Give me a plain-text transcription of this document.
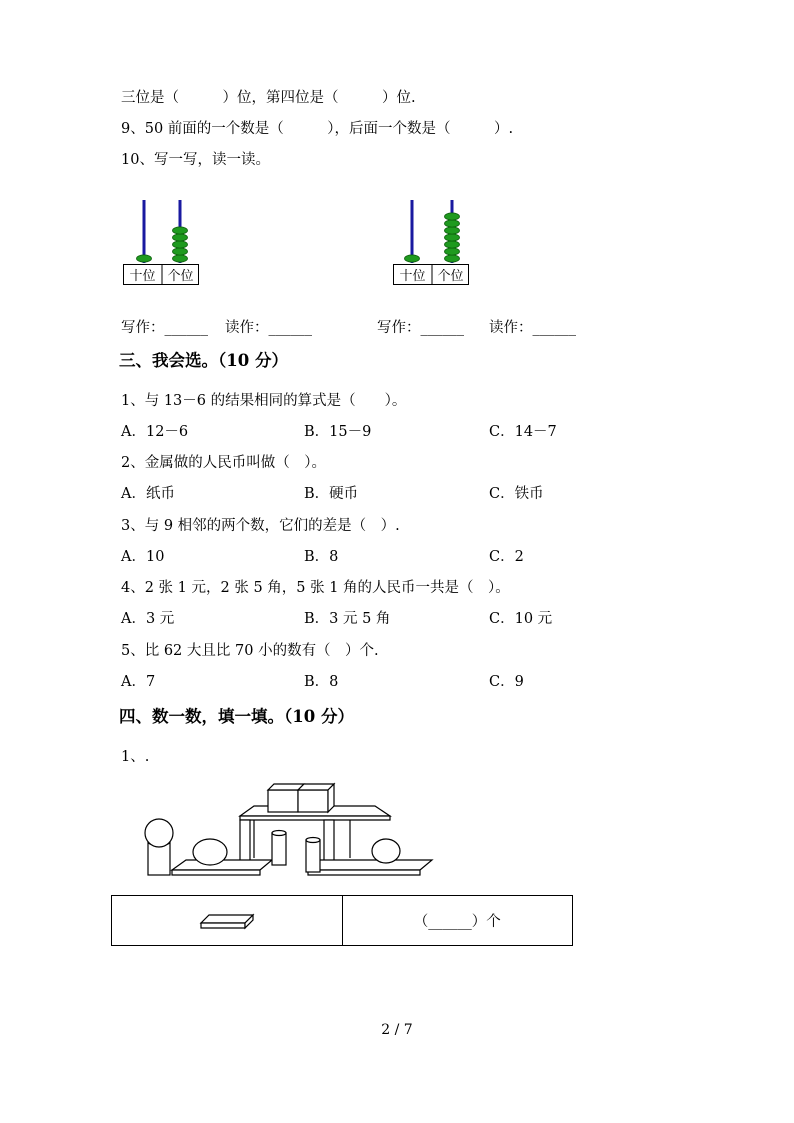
三位是（　　　）位，第四位是（　　　）位.
9、50 前面的一个数是（　　　），后面一个数是（　　　）.
10、写一写，读一读。
十位 个位	十位 个位
写作：______ 读作：______	写作：______ 读作：______
三、我会选。（10 分）
1、与 13－6 的结果相同的算式是（　　）。
A．12－6	B．15－9	C．14－7
2、金属做的人民币叫做（　）。
A．纸币	B．硬币	C．铁币
3、与 9 相邻的两个数，它们的差是（　）.
A．10	B．8	C．2
4、2 张 1 元，2 张 5 角，5 张 1 角的人民币一共是（　）。
A．3 元	B．3 元 5 角	C．10 元
5、比 62 大且比 70 小的数有（　）个.
A．7	B．8	C．9
四、数一数，填一填。（10 分）
1、.
（______）个
2 / 7
